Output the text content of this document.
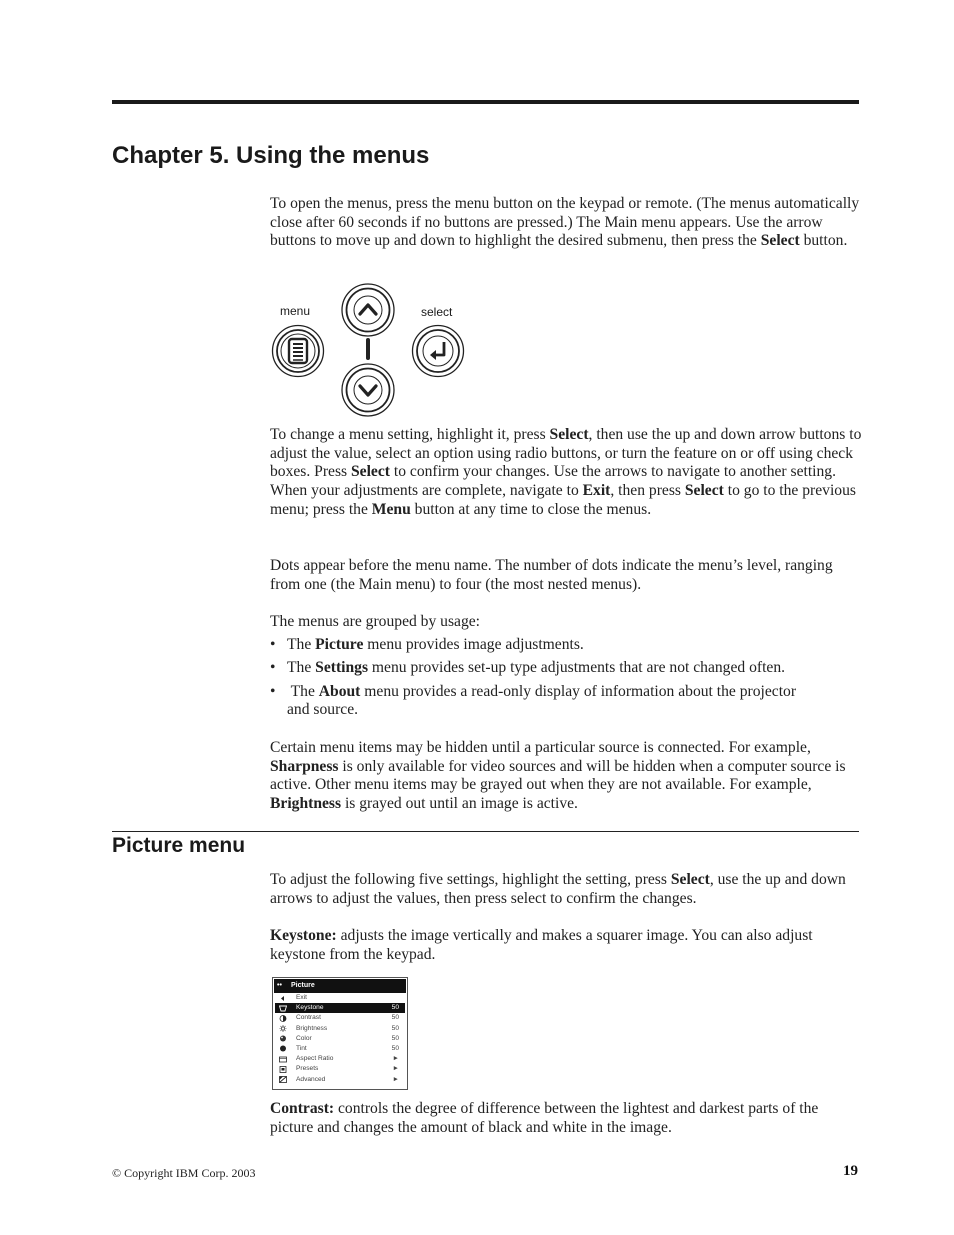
Chapter 5. Using the menus

To open the menus, press the menu button on the keypad or remote. (The menus automatically close after 60 seconds if no buttons are pressed.) The Main menu appears. Use the arrow buttons to move up and down to highlight the desired submenu, then press the Select button.

menu	select

To change a menu setting, highlight it, press Select, then use the up and down arrow buttons to adjust the value, select an option using radio buttons, or turn the feature on or off using check boxes. Press Select to confirm your changes. Use the arrows to navigate to another setting. When your adjustments are complete, navigate to Exit, then press Select to go to the previous menu; press the Menu button at any time to close the menus.

Dots appear before the menu name. The number of dots indicate the menu’s level, ranging from one (the Main menu) to four (the most nested menus).

The menus are grouped by usage:

• The Picture menu provides image adjustments.
• The Settings menu provides set-up type adjustments that are not changed often.
• The About menu provides a read-only display of information about the projector and source.

Certain menu items may be hidden until a particular source is connected. For example, Sharpness is only available for video sources and will be hidden when a computer source is active. Other menu items may be grayed out when they are not available. For example, Brightness is grayed out until an image is active.

Picture menu

To adjust the following five settings, highlight the setting, press Select, use the up and down arrows to adjust the values, then press select to confirm the changes.

Keystone: adjusts the image vertically and makes a squarer image. You can also adjust keystone from the keypad.

•• Picture
Exit
Keystone	50
Contrast	50
Brightness	50
Color	50
Tint	50
Aspect Ratio	►
Presets	►
Advanced	►

Contrast: controls the degree of difference between the lightest and darkest parts of the picture and changes the amount of black and white in the image.

© Copyright IBM Corp. 2003	19
